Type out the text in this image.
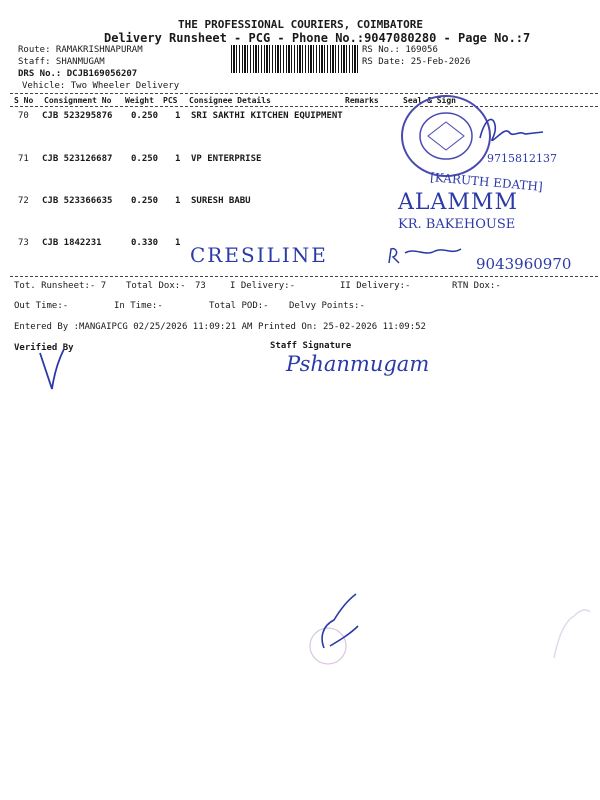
THE PROFESSIONAL COURIERS, COIMBATORE
Delivery Runsheet - PCG - Phone No.:9047080280 - Page No.:7
Route: RAMAKRISHNAPURAM
Staff: SHANMUGAM
DRS No.: DCJB169056207
Vehicle: Two Wheeler Delivery
RS No.: 169056
RS Date: 25-Feb-2026
S No Consignment No Weight PCS Consignee Details	Remarks	Seal & Sign
70 CJB 523295876 0.250 1 SRI SAKTHI KITCHEN EQUIPMENT
71 CJB 523126687 0.250 1 VP ENTERPRISE
72 CJB 523366635 0.250 1 SURESH BABU
73 CJB 1842231	0.330 1 CRESILINE
9715812137
[KARUTH EDATH]
ALAMMM
KR. BAKEHOUSE
9043960970
Tot. Runsheet:- 7 Total Dox:- 73	I Delivery:-	II Delivery:-	RTN Dox:-
Out Time:-	In Time:-	Total POD:- Delvy Points:-
Entered By :MANGAIPCG 02/25/2026 11:09:21 AM Printed On: 25-02-2026 11:09:52
Verified By	Staff Signature
Pshanmugam
